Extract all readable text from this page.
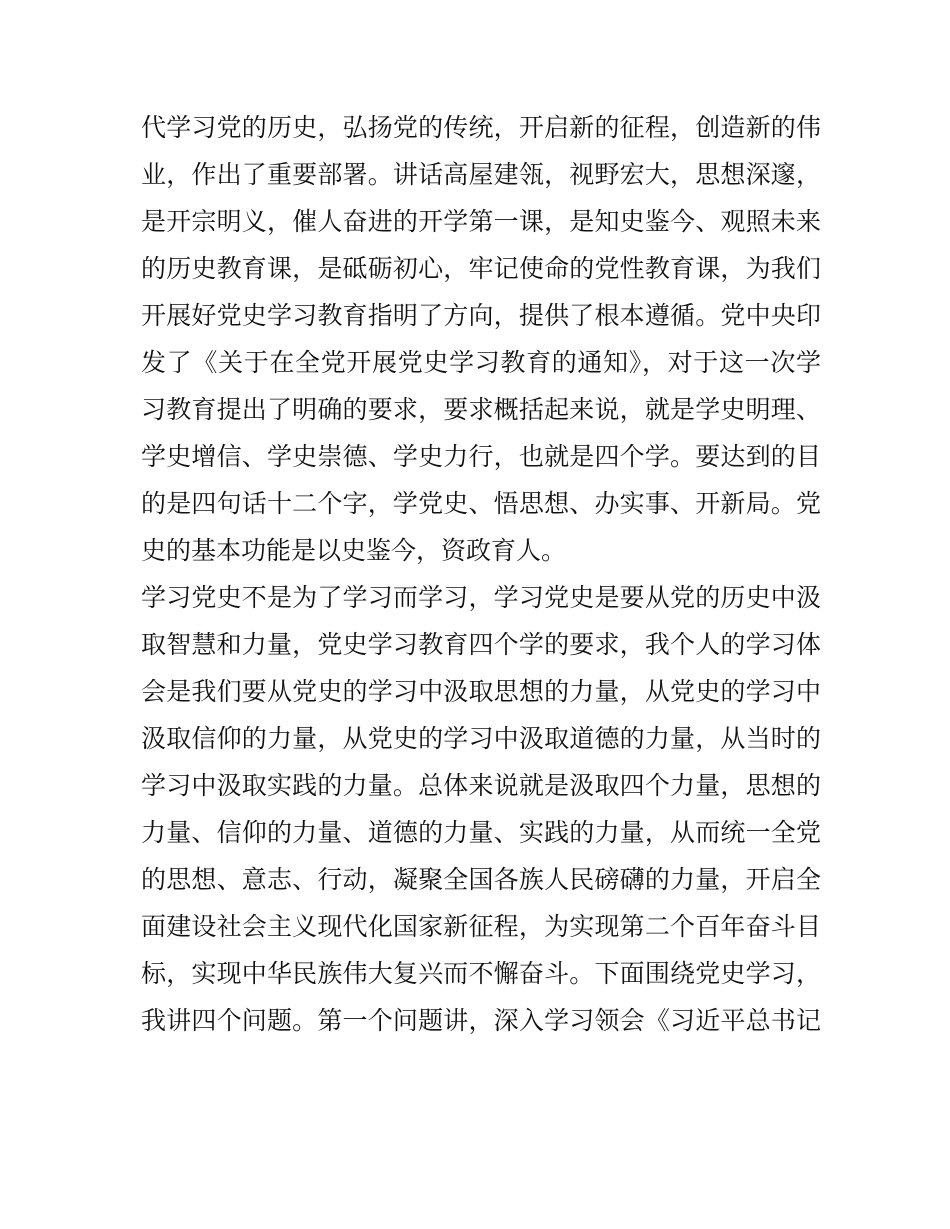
代学习党的历史，弘扬党的传统，开启新的征程，创造新的伟
业，作出了重要部署。讲话高屋建瓴，视野宏大，思想深邃，
是开宗明义，催人奋进的开学第一课，是知史鉴今、观照未来
的历史教育课，是砥砺初心，牢记使命的党性教育课，为我们
开展好党史学习教育指明了方向，提供了根本遵循。党中央印
发了《关于在全党开展党史学习教育的通知》，对于这一次学
习教育提出了明确的要求，要求概括起来说，就是学史明理、
学史增信、学史崇德、学史力行，也就是四个学。要达到的目
的是四句话十二个字，学党史、悟思想、办实事、开新局。党
史的基本功能是以史鉴今，资政育人。
学习党史不是为了学习而学习，学习党史是要从党的历史中汲
取智慧和力量，党史学习教育四个学的要求，我个人的学习体
会是我们要从党史的学习中汲取思想的力量，从党史的学习中
汲取信仰的力量，从党史的学习中汲取道德的力量，从当时的
学习中汲取实践的力量。总体来说就是汲取四个力量，思想的
力量、信仰的力量、道德的力量、实践的力量，从而统一全党
的思想、意志、行动，凝聚全国各族人民磅礴的力量，开启全
面建设社会主义现代化国家新征程，为实现第二个百年奋斗目
标，实现中华民族伟大复兴而不懈奋斗。下面围绕党史学习，
我讲四个问题。第一个问题讲，深入学习领会《习近平总书记
